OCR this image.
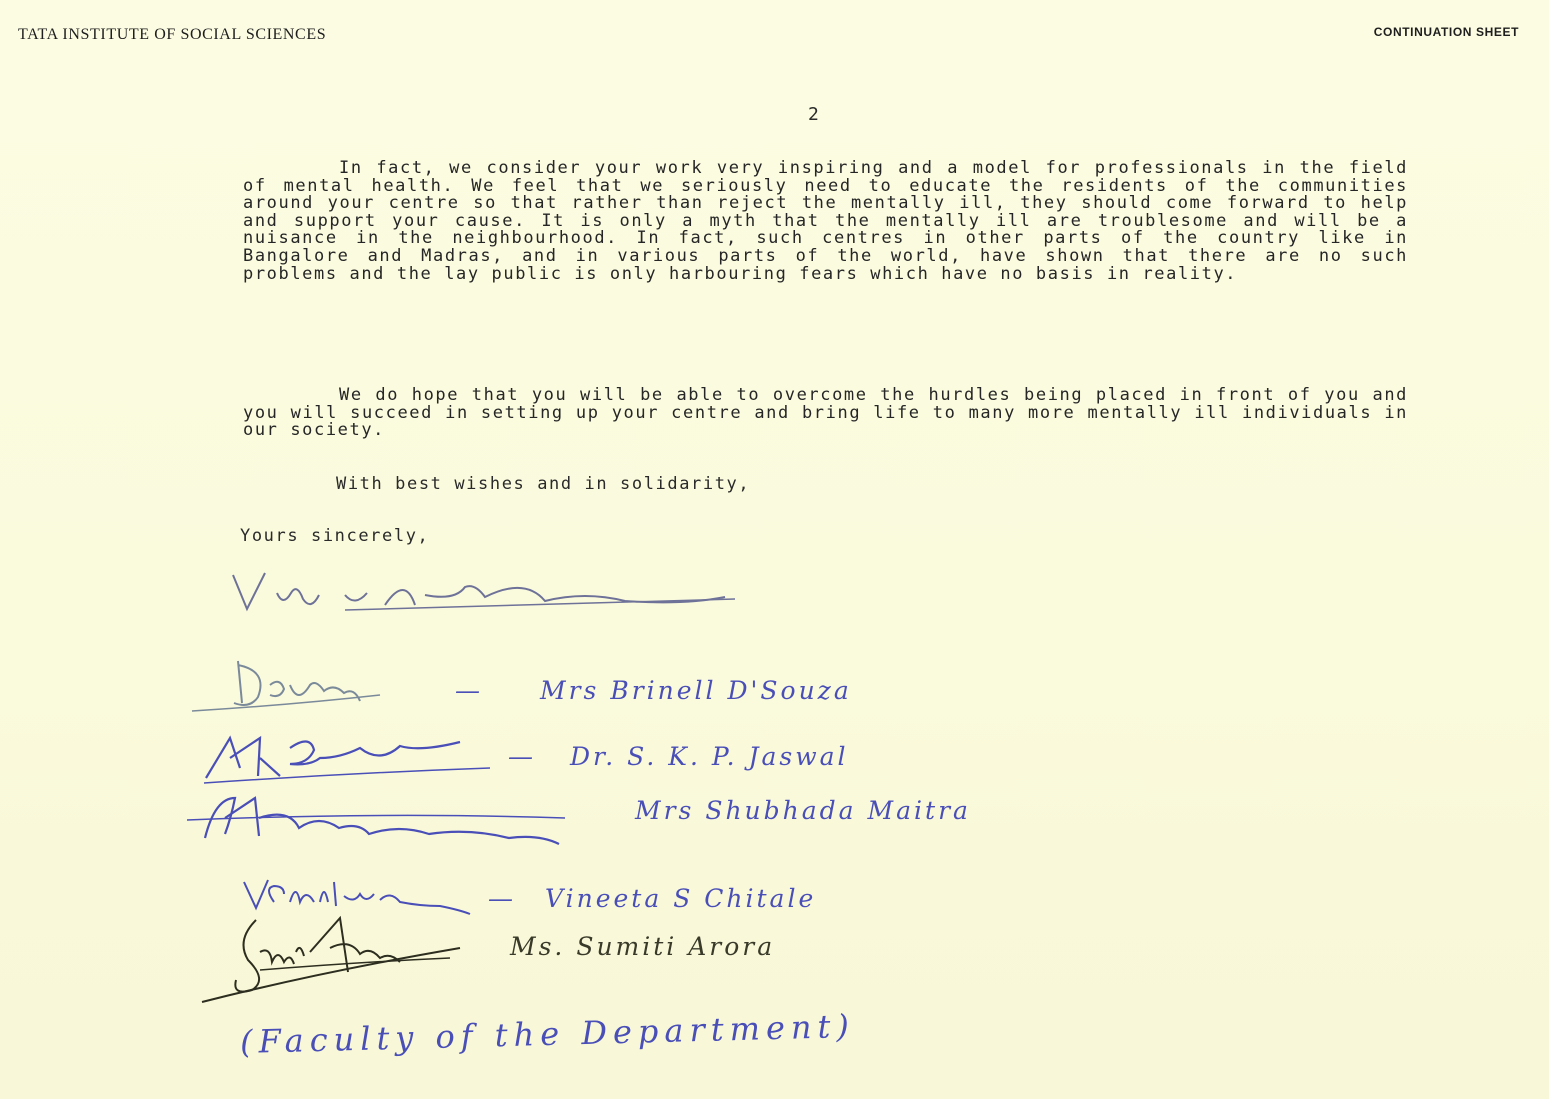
TATA INSTITUTE OF SOCIAL SCIENCES	CONTINUATION SHEET
2
In fact, we consider your work very inspiring and a model for professionals in the field of mental health. We feel that we seriously need to educate the residents of the communities around your centre so that rather than reject the mentally ill, they should come forward to help and support your cause. It is only a myth that the mentally ill are troublesome and will be a nuisance in the neighbourhood. In fact, such centres in other parts of the country like in Bangalore and Madras, and in various parts of the world, have shown that there are no such problems and the lay public is only harbouring fears which have no basis in reality.
We do hope that you will be able to overcome the hurdles being placed in front of you and you will succeed in setting up your centre and bring life to many more mentally ill individuals in our society.
With best wishes and in solidarity,
Yours sincerely,
— Mrs Brinell D'Souza
— Dr. S. K. P. Jaswal
Mrs Shubhada Maitra
— Vineeta S Chitale
Ms. Sumiti Arora
(Faculty of the Department)
